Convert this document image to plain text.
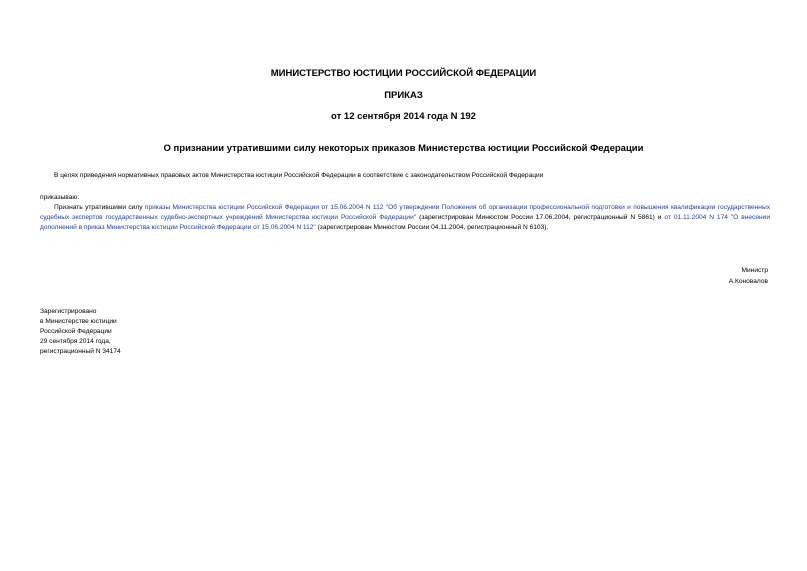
МИНИСТЕРСТВО ЮСТИЦИИ РОССИЙСКОЙ ФЕДЕРАЦИИ

ПРИКАЗ

от 12 сентября 2014 года N 192

О признании утратившими силу некоторых приказов Министерства юстиции Российской Федерации

В целях приведения нормативных правовых актов Министерства юстиции Российской Федерации в соответствие с законодательством Российской Федерации

приказываю:

Признать утратившими силу приказы Министерства юстиции Российской Федерации от 15.06.2004 N 112 "Об утверждении Положения об организации профессиональной подготовки и повышения квалификации государственных судебных экспертов государственных судебно-экспертных учреждений Министерства юстиции Российской Федерации" (зарегистрирован Минюстом России 17.06.2004, регистрационный N 5861) и от 01.11.2004 N 174 "О внесении дополнений в приказ Министерства юстиции Российской Федерации от 15.06.2004 N 112" (зарегистрирован Минюстом России 04.11.2004, регистрационный N 6103).

Министр

А.Коновалов

Зарегистрировано
в Министерстве юстиции
Российской Федерации
29 сентября 2014 года,
регистрационный N 34174
